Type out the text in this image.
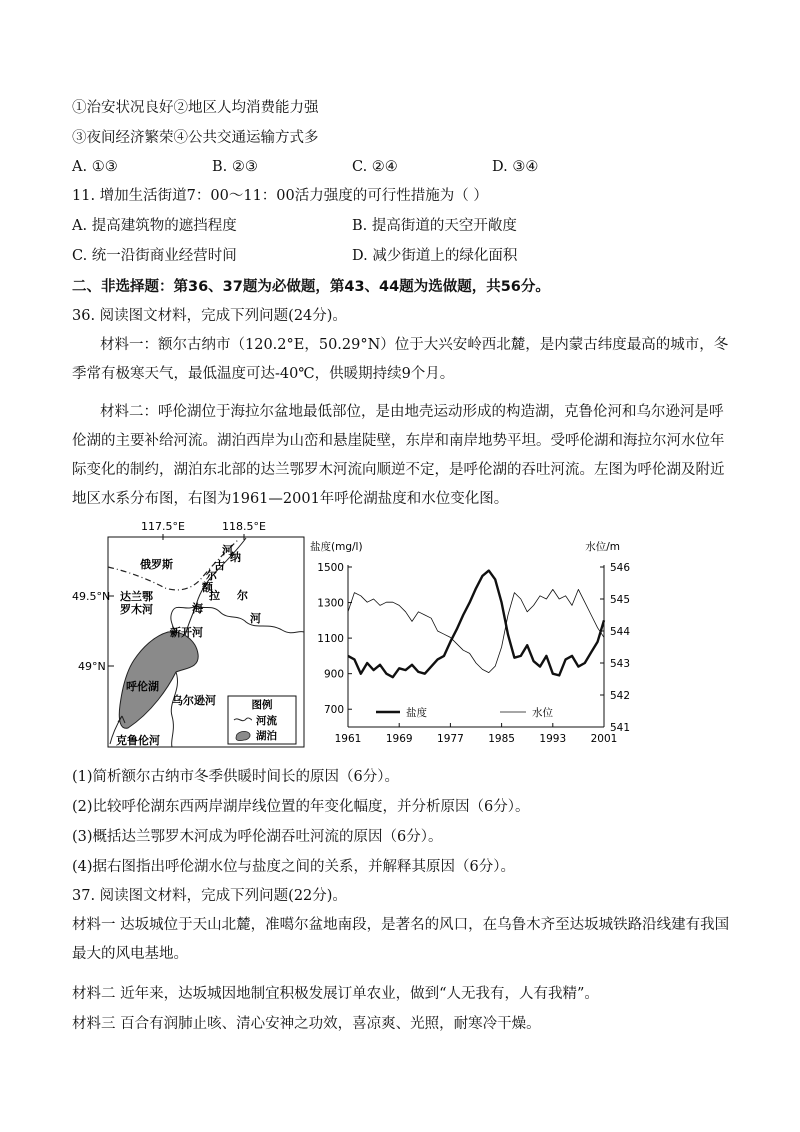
①治安状况良好②地区人均消费能力强
③夜间经济繁荣④公共交通运输方式多
A. ①③	B. ②③	C. ②④	D. ③④
11. 增加生活街道7：00～11：00活力强度的可行性措施为（ ）
A. 提高建筑物的遮挡程度	B. 提高街道的天空开敞度
C. 统一沿街商业经营时间	D. 减少街道上的绿化面积
二、非选择题：第36、37题为必做题，第43、44题为选做题，共56分。
36. 阅读图文材料，完成下列问题(24分)。
材料一：额尔古纳市（120.2°E，50.29°N）位于大兴安岭西北麓，是内蒙古纬度最高的城市，冬季常有极寒天气，最低温度可达-40℃，供暖期持续9个月。
材料二：呼伦湖位于海拉尔盆地最低部位，是由地壳运动形成的构造湖，克鲁伦河和乌尔逊河是呼伦湖的主要补给河流。湖泊西岸为山峦和悬崖陡壁，东岸和南岸地势平坦。受呼伦湖和海拉尔河水位年际变化的制约，湖泊东北部的达兰鄂罗木河流向顺逆不定，是呼伦湖的吞吐河流。左图为呼伦湖及附近地区水系分布图，右图为1961—2001年呼伦湖盐度和水位变化图。
117.5°E	118.5°E
49.5°N
49°N
俄罗斯
河
纳
古
尔
额
海
拉 尔
河
达兰鄂
罗木河
新开河
呼伦湖
乌尔逊河
克鲁伦河
图例
河流
湖泊
盐度(mg/l)	水位/m
1500
1300
1100
900
700
546
545
544
543
542
541
1961 1969 1977 1985 1993 2001
盐度	水位
(1)简析额尔古纳市冬季供暖时间长的原因（6分）。
(2)比较呼伦湖东西两岸湖岸线位置的年变化幅度，并分析原因（6分）。
(3)概括达兰鄂罗木河成为呼伦湖吞吐河流的原因（6分）。
(4)据右图指出呼伦湖水位与盐度之间的关系，并解释其原因（6分）。
37. 阅读图文材料，完成下列问题(22分)。
材料一 达坂城位于天山北麓，准噶尔盆地南段，是著名的风口，在乌鲁木齐至达坂城铁路沿线建有我国最大的风电基地。
材料二 近年来，达坂城因地制宜积极发展订单农业，做到“人无我有，人有我精”。
材料三 百合有润肺止咳、清心安神之功效，喜凉爽、光照，耐寒冷干燥。
